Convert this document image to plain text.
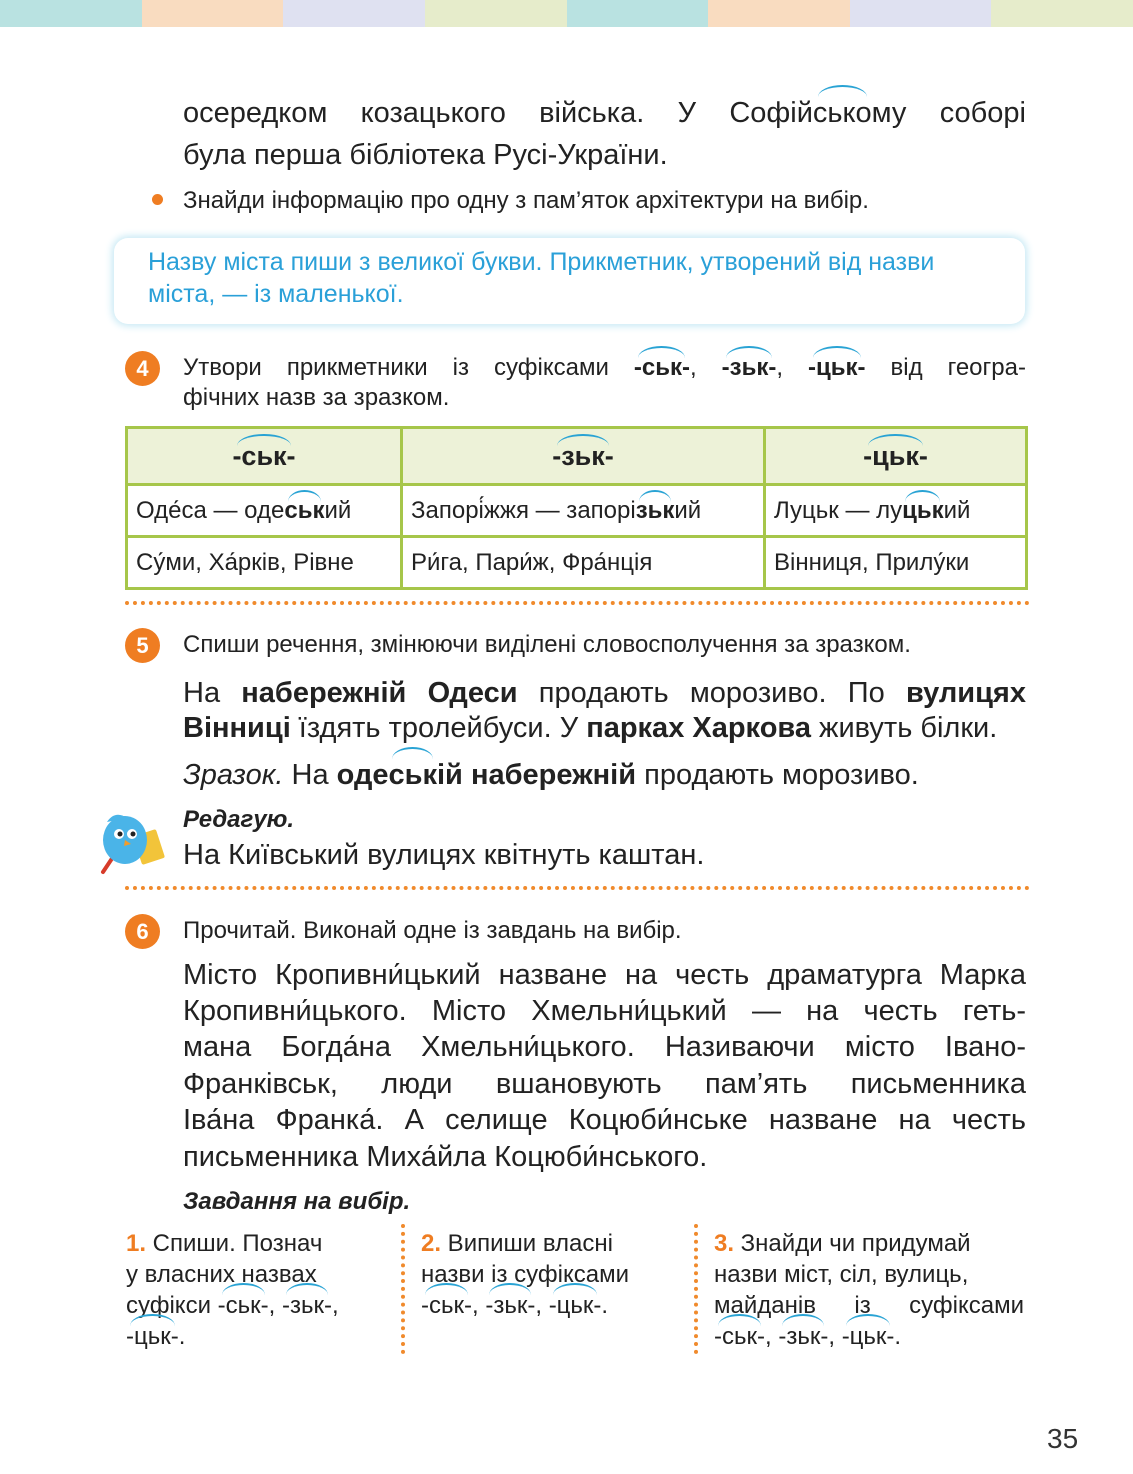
осередком козацького війська. У Софійському соборі
була перша бібліотека Русі-України.
Знайди інформацію про одну з пам’яток архітектури на вибір.

Назву міста пиши з великої букви. Прикметник, утворений від назви міста, — із маленької.

4	Утвори прикметники із суфіксами -ськ-, -зьк-, -цьк- від геогра-
фічних назв за зразком.
-ськ-	-зьк-	-цьк-
Оде́са — одеський	Запорі́жжя — запорізький	Луцьк — луцький
Су́ми, Ха́рків, Рівне	Ри́га, Пари́ж, Фра́нція	Вінниця, Прилу́ки
5	Спиши речення, змінюючи виділені словосполучення за зразком.
На набережній Одеси продають морозиво. По вулицях
Вінниці їздять тролейбуси. У парках Харкова живуть білки.
Зразок. На одеській набережній продають морозиво.
Редагую.
На Київський вулицях квітнуть каштан.
6	Прочитай. Виконай одне із завдань на вибір.
Місто Кропивни́цький назване на честь драматурга Марка
Кропивни́цького. Місто Хмельни́цький — на честь геть-
мана Богда́на Хмельни́цького. Називаючи місто Івано-
Франківськ, люди вшановують пам’ять письменника
Іва́на Франка́. А селище Коцюби́нське назване на честь
письменника Миха́йла Коцюби́нського.
Завдання на вибір.
1. Спиши. Познач
у власних назвах
суфікси -ськ-, -зьк-,
-цьк-.
2. Випиши власні
назви із суфіксами
-ськ-, -зьк-, -цьк-.
3. Знайди чи придумай
назви міст, сіл, вулиць,
майданів із суфіксами
-ськ-, -зьк-, -цьк-.
35
